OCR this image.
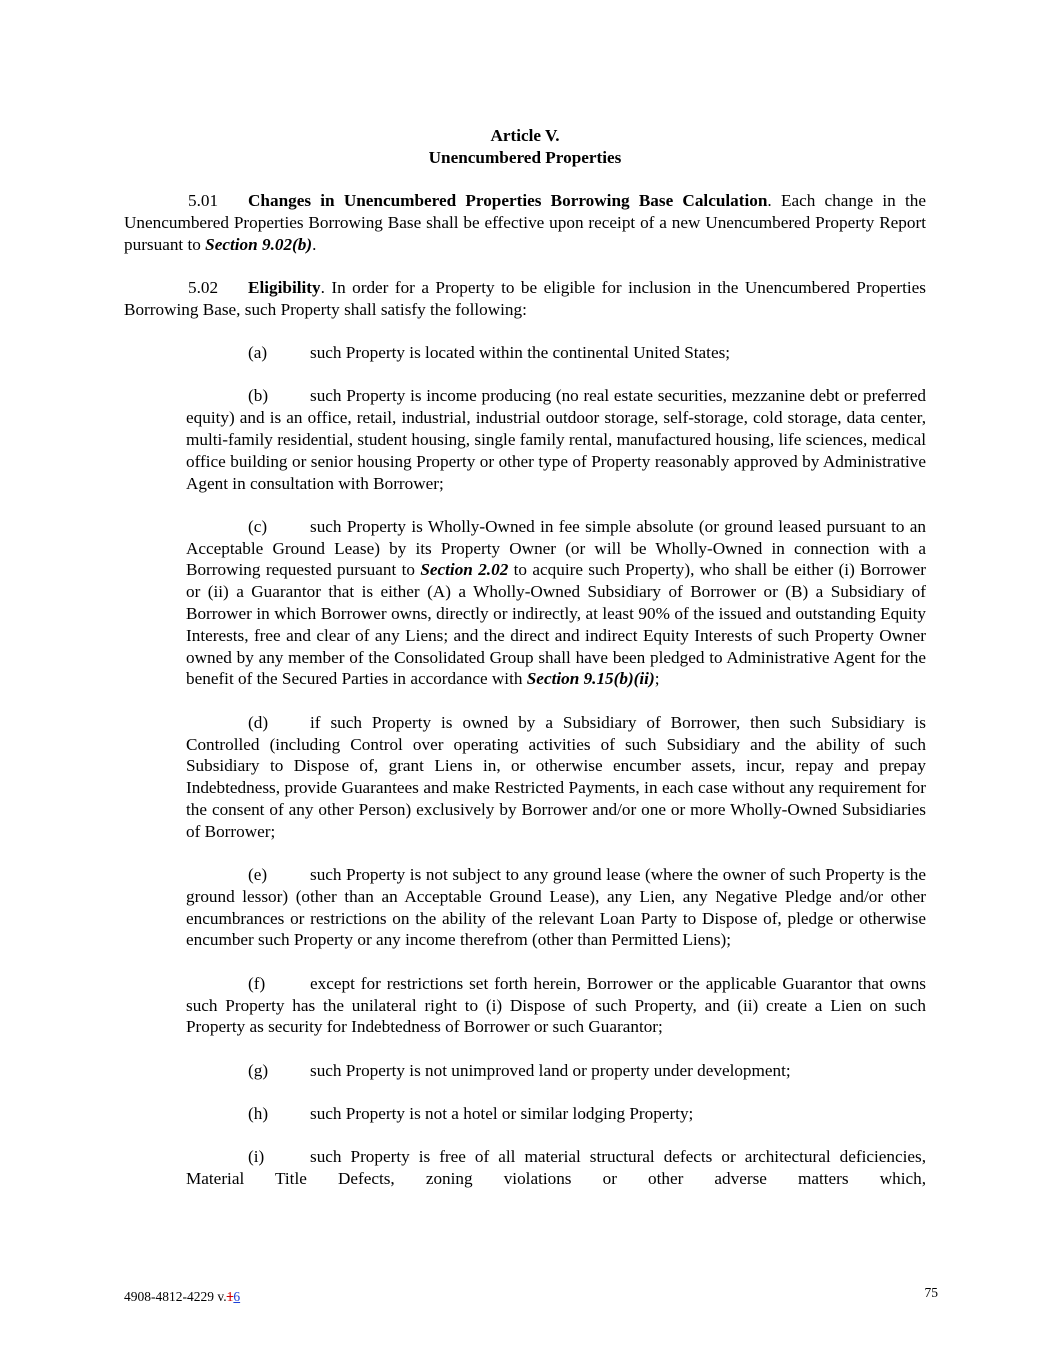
Article V.

Unencumbered Properties

5.01 Changes in Unencumbered Properties Borrowing Base Calculation. Each change in the Unencumbered Properties Borrowing Base shall be effective upon receipt of a new Unencumbered Property Report pursuant to Section 9.02(b).

5.02 Eligibility. In order for a Property to be eligible for inclusion in the Unencumbered Properties Borrowing Base, such Property shall satisfy the following:

(a) such Property is located within the continental United States;

(b) such Property is income producing (no real estate securities, mezzanine debt or preferred equity) and is an office, retail, industrial, industrial outdoor storage, self-storage, cold storage, data center, multi-family residential, student housing, single family rental, manufactured housing, life sciences, medical office building or senior housing Property or other type of Property reasonably approved by Administrative Agent in consultation with Borrower;

(c) such Property is Wholly-Owned in fee simple absolute (or ground leased pursuant to an Acceptable Ground Lease) by its Property Owner (or will be Wholly-Owned in connection with a Borrowing requested pursuant to Section 2.02 to acquire such Property), who shall be either (i) Borrower or (ii) a Guarantor that is either (A) a Wholly-Owned Subsidiary of Borrower or (B) a Subsidiary of Borrower in which Borrower owns, directly or indirectly, at least 90% of the issued and outstanding Equity Interests, free and clear of any Liens; and the direct and indirect Equity Interests of such Property Owner owned by any member of the Consolidated Group shall have been pledged to Administrative Agent for the benefit of the Secured Parties in accordance with Section 9.15(b)(ii);

(d) if such Property is owned by a Subsidiary of Borrower, then such Subsidiary is Controlled (including Control over operating activities of such Subsidiary and the ability of such Subsidiary to Dispose of, grant Liens in, or otherwise encumber assets, incur, repay and prepay Indebtedness, provide Guarantees and make Restricted Payments, in each case without any requirement for the consent of any other Person) exclusively by Borrower and/or one or more Wholly-Owned Subsidiaries of Borrower;

(e) such Property is not subject to any ground lease (where the owner of such Property is the ground lessor) (other than an Acceptable Ground Lease), any Lien, any Negative Pledge and/or other encumbrances or restrictions on the ability of the relevant Loan Party to Dispose of, pledge or otherwise encumber such Property or any income therefrom (other than Permitted Liens);

(f)	except for restrictions set forth herein, Borrower or the applicable Guarantor that owns such Property has the unilateral right to (i) Dispose of such Property, and (ii) create a Lien on such Property as security for Indebtedness of Borrower or such Guarantor;

(g) such Property is not unimproved land or property under development;

(h) such Property is not a hotel or similar lodging Property;

(i)	such Property is free of all material structural defects or architectural deficiencies, Material Title Defects, zoning violations or other adverse matters which,

4908-4812-4229 v.16	75
